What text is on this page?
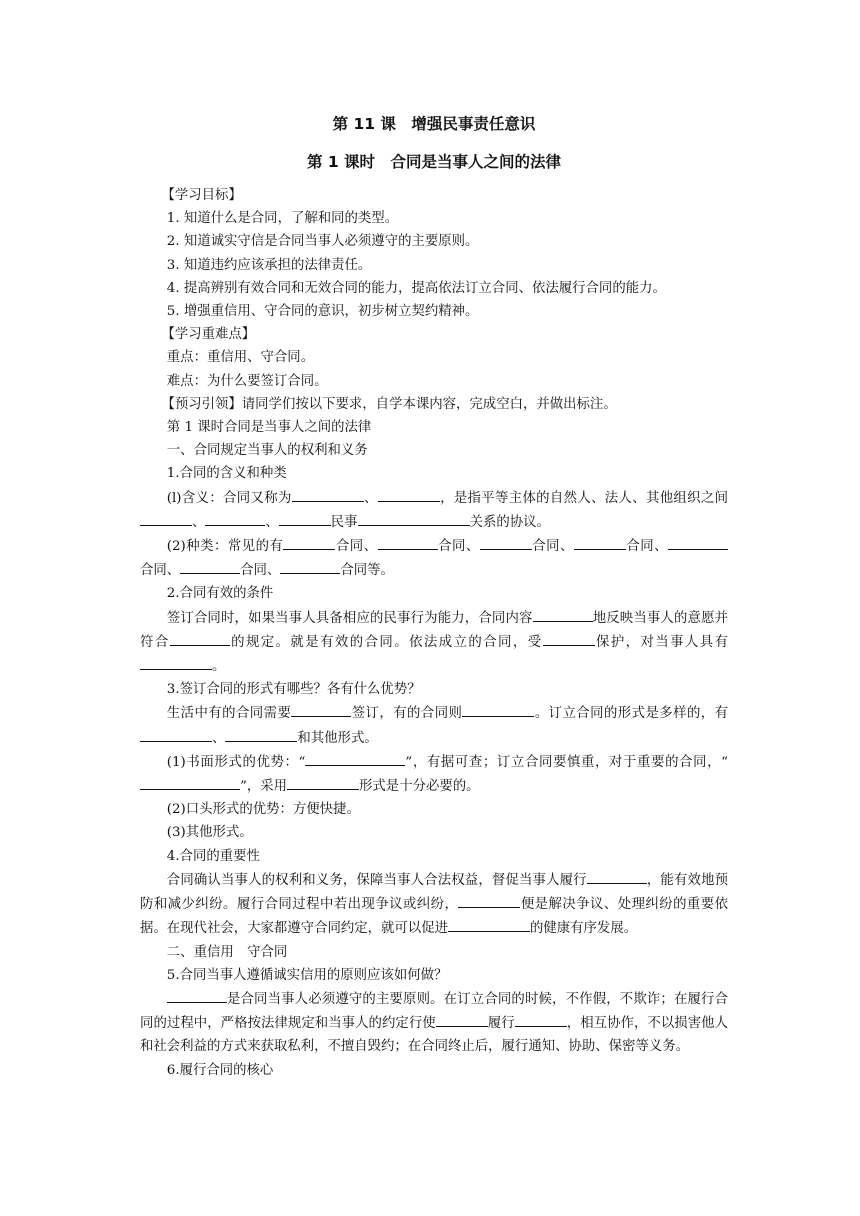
第 11 课　增强民事责任意识
第 1 课时　合同是当事人之间的法律

【学习目标】

1. 知道什么是合同，了解和同的类型。

2. 知道诚实守信是合同当事人必须遵守的主要原则。

3. 知道违约应该承担的法律责任。

4. 提高辨别有效合同和无效合同的能力，提高依法订立合同、依法履行合同的能力。

5. 增强重信用、守合同的意识，初步树立契约精神。

【学习重难点】

重点：重信用、守合同。

难点：为什么要签订合同。

【预习引领】请同学们按以下要求，自学本课内容，完成空白，并做出标注。

第 1 课时合同是当事人之间的法律

一、合同规定当事人的权利和义务

1.合同的含义和种类

(l)含义：合同又称为	、	，是指平等主体的自然人、法人、其他组织之间、	、	民事	关系的协议。

(2)种类：常见的有	合同、	合同、	合同、	合同、合同、	合同、	合同等。

2.合同有效的条件

签订合同时，如果当事人具备相应的民事行为能力，合同内容	地反映当事人的意愿并符合	的规定。就是有效的合同。依法成立的合同，受	保护，对当事人具有。

3.签订合同的形式有哪些？各有什么优势？

生活中有的合同需要	签订，有的合同则	。订立合同的形式是多样的，有、	和其他形式。

(1)书面形式的优势：“	”，有据可查；订立合同要慎重，对于重要的合同，“”，采用	形式是十分必要的。

(2)口头形式的优势：方便快捷。

(3)其他形式。

4.合同的重要性

合同确认当事人的权利和义务，保障当事人合法权益，督促当事人履行	，能有效地预防和减少纠纷。履行合同过程中若出现争议或纠纷，	便是解决争议、处理纠纷的重要依据。在现代社会，大家都遵守合同约定，就可以促进	的健康有序发展。

二、重信用　守合同

5.合同当事人遵循诚实信用的原则应该如何做？

是合同当事人必须遵守的主要原则。在订立合同的时候，不作假，不欺诈；在履行合同的过程中，严格按法律规定和当事人的约定行使	履行	，相互协作，不以损害他人和社会利益的方式来获取私利，不擅自毁约；在合同终止后，履行通知、协助、保密等义务。

6.履行合同的核心
